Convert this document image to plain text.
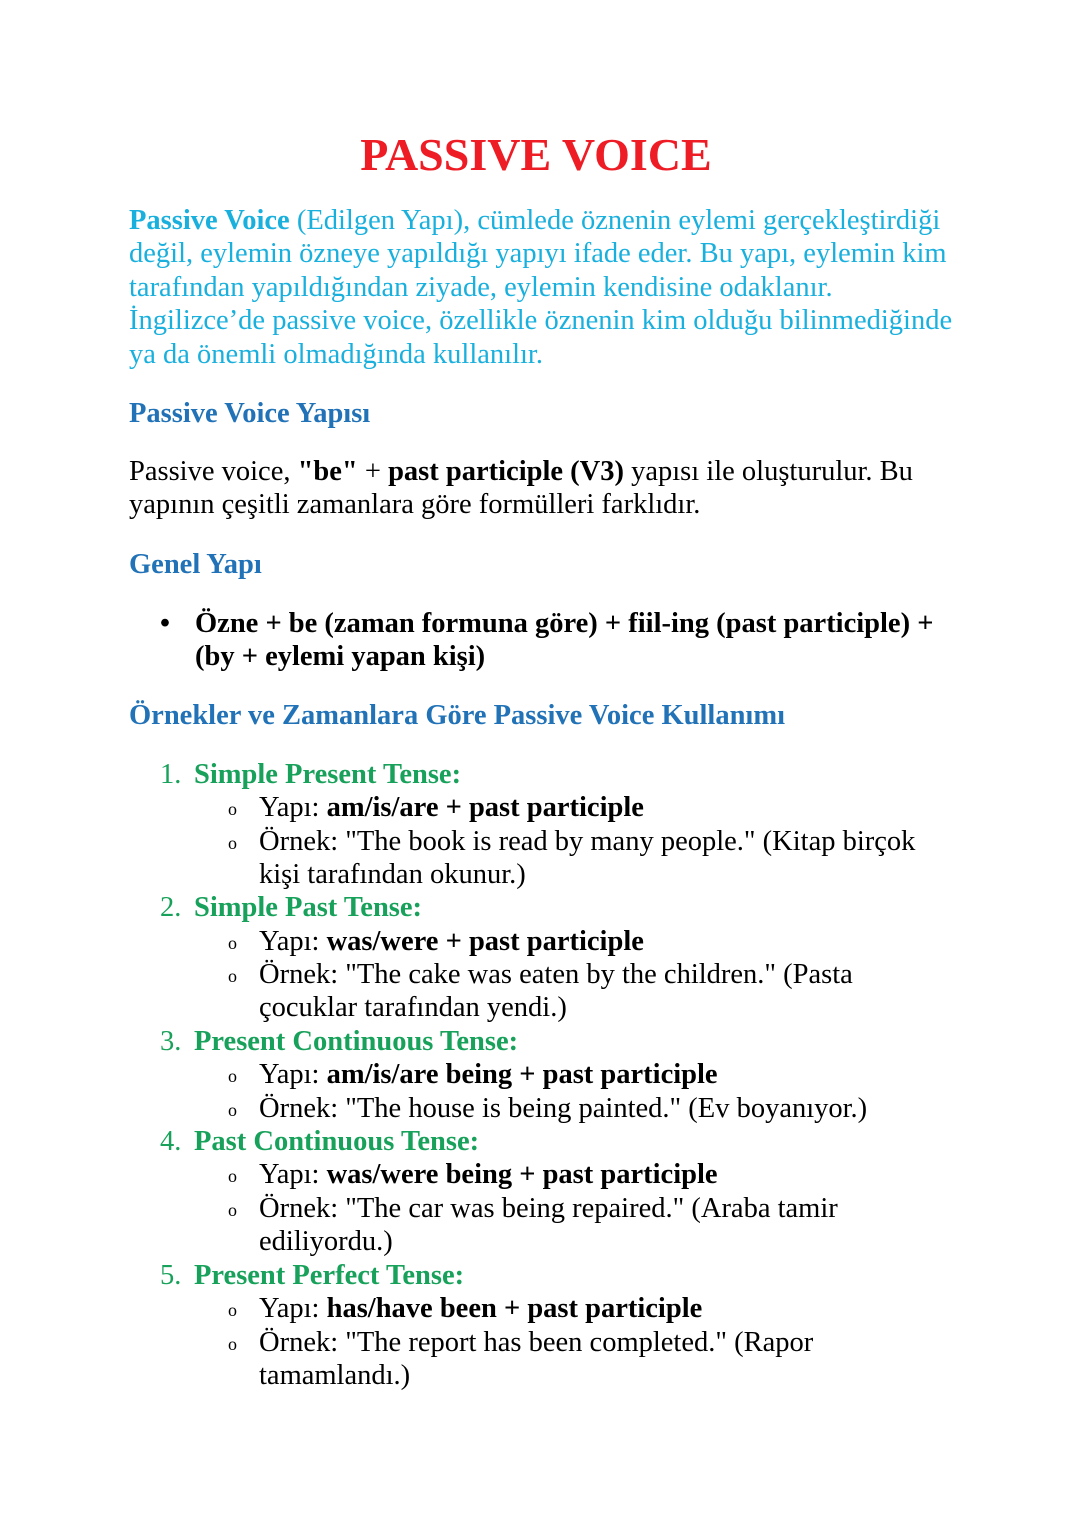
PASSIVE VOICE

Passive Voice (Edilgen Yapı), cümlede öznenin eylemi gerçekleştirdiği değil, eylemin özneye yapıldığı yapıyı ifade eder. Bu yapı, eylemin kim tarafından yapıldığından ziyade, eylemin kendisine odaklanır. İngilizce’de passive voice, özellikle öznenin kim olduğu bilinmediğinde ya da önemli olmadığında kullanılır.

Passive Voice Yapısı

Passive voice, "be" + past participle (V3) yapısı ile oluşturulur. Bu yapının çeşitli zamanlara göre formülleri farklıdır.

Genel Yapı
• Özne + be (zaman formuna göre) + fiil-ing (past participle) + (by + eylemi yapan kişi)
Örnekler ve Zamanlara Göre Passive Voice Kullanımı
1. Simple Present Tense:
o Yapı: am/is/are + past participle
o Örnek: "The book is read by many people." (Kitap birçok kişi tarafından okunur.)
2. Simple Past Tense:
o Yapı: was/were + past participle
o Örnek: "The cake was eaten by the children." (Pasta çocuklar tarafından yendi.)
3. Present Continuous Tense:
o Yapı: am/is/are being + past participle
o Örnek: "The house is being painted." (Ev boyanıyor.)
4. Past Continuous Tense:
o Yapı: was/were being + past participle
o Örnek: "The car was being repaired." (Araba tamir ediliyordu.)
5. Present Perfect Tense:
o Yapı: has/have been + past participle
o Örnek: "The report has been completed." (Rapor tamamlandı.)
